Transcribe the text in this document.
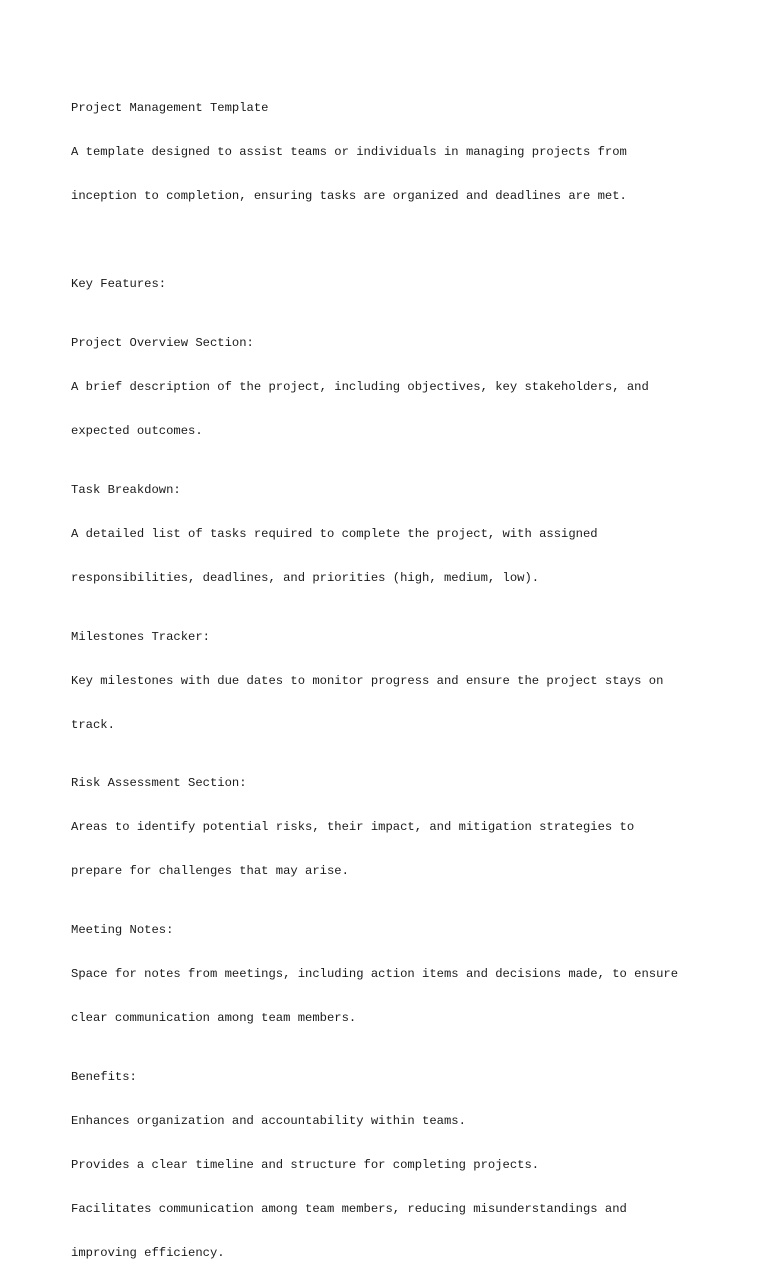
Project Management Template

A template designed to assist teams or individuals in managing projects from

inception to completion, ensuring tasks are organized and deadlines are met.

Key Features:

Project Overview Section:

A brief description of the project, including objectives, key stakeholders, and

expected outcomes.

Task Breakdown:

A detailed list of tasks required to complete the project, with assigned

responsibilities, deadlines, and priorities (high, medium, low).

Milestones Tracker:

Key milestones with due dates to monitor progress and ensure the project stays on

track.

Risk Assessment Section:

Areas to identify potential risks, their impact, and mitigation strategies to

prepare for challenges that may arise.

Meeting Notes:

Space for notes from meetings, including action items and decisions made, to ensure

clear communication among team members.

Benefits:

Enhances organization and accountability within teams.

Provides a clear timeline and structure for completing projects.

Facilitates communication among team members, reducing misunderstandings and

improving efficiency.
